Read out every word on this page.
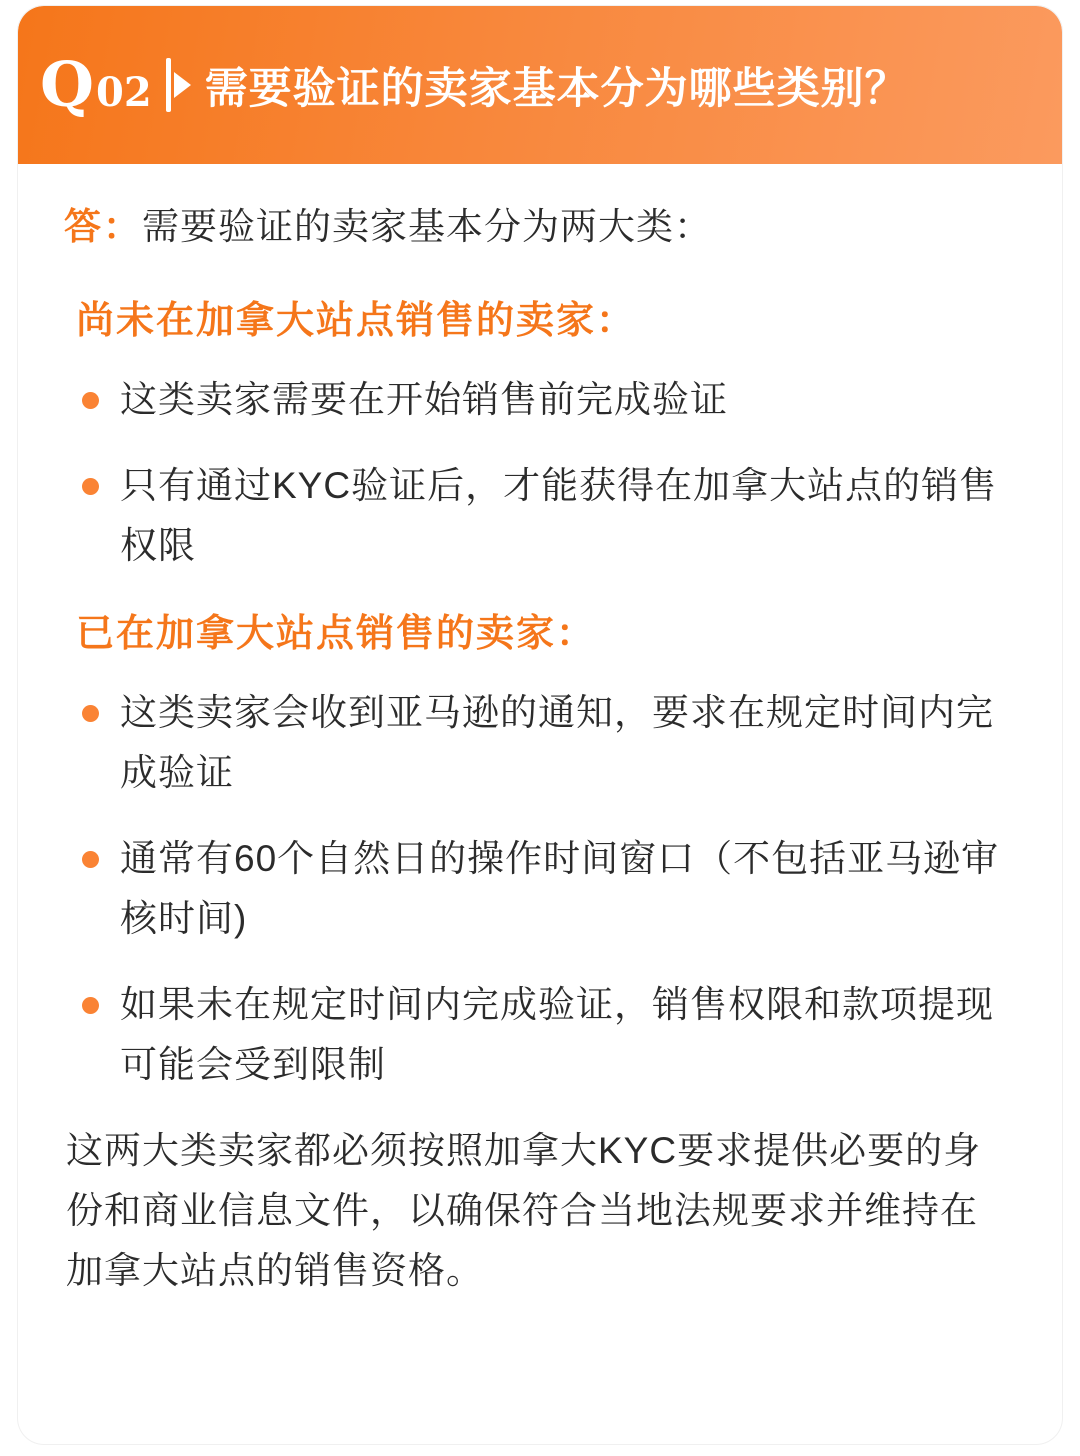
Q 02 需要验证的卖家基本分为哪些类别？
答：需要验证的卖家基本分为两大类：
尚未在加拿大站点销售的卖家：
这类卖家需要在开始销售前完成验证
只有通过KYC验证后，才能获得在加拿大站点的销售权限
已在加拿大站点销售的卖家：
这类卖家会收到亚马逊的通知，要求在规定时间内完成验证
通常有60个自然日的操作时间窗口（不包括亚马逊审核时间)
如果未在规定时间内完成验证，销售权限和款项提现可能会受到限制
这两大类卖家都必须按照加拿大KYC要求提供必要的身份和商业信息文件，以确保符合当地法规要求并维持在加拿大站点的销售资格。
